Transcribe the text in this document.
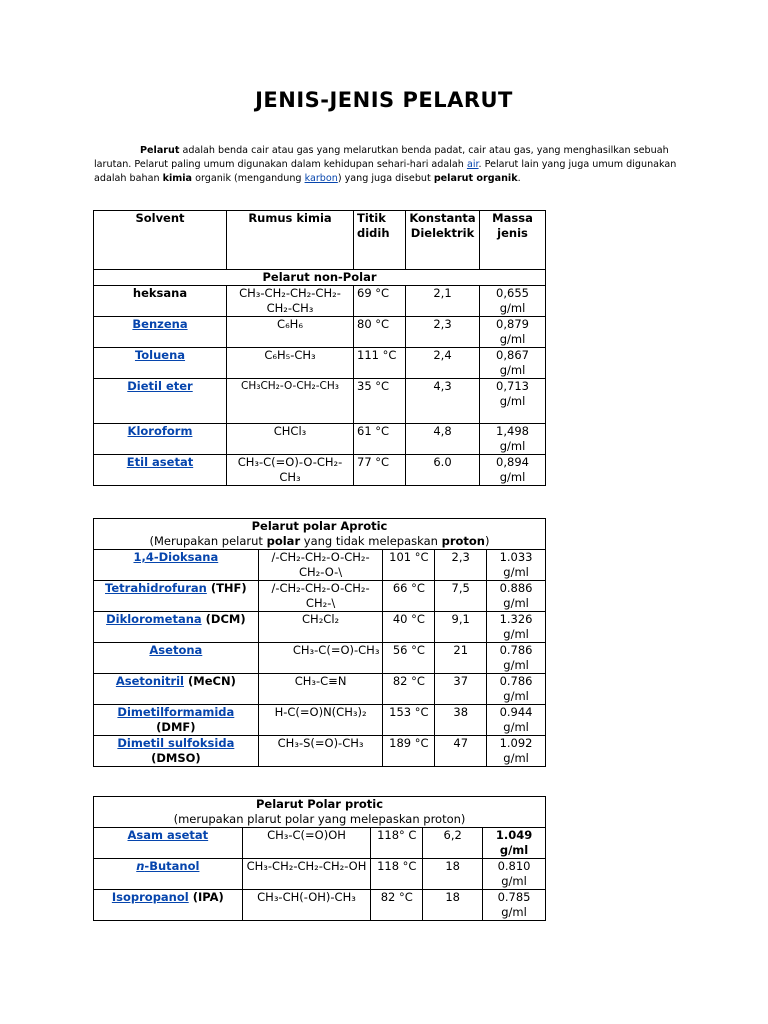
JENIS-JENIS PELARUT

Pelarut adalah benda cair atau gas yang melarutkan benda padat, cair atau gas, yang menghasilkan sebuah larutan. Pelarut paling umum digunakan dalam kehidupan sehari-hari adalah air. Pelarut lain yang juga umum digunakan adalah bahan kimia organik (mengandung karbon) yang juga disebut pelarut organik.

Solvent	Rumus kimia	Titik didih	Konstanta Dielektrik	Massa jenis
Pelarut non-Polar				
heksana	CH₃-CH₂-CH₂-CH₂-CH₂-CH₃	69 °C	2,1	0,655 g/ml
Benzena	C₆H₆	80 °C	2,3	0,879 g/ml
Toluena	C₆H₅-CH₃	111 °C	2,4	0,867 g/ml
Dietil eter	CH₃CH₂-O-CH₂-CH₃	35 °C	4,3	0,713 g/ml
Kloroform	CHCl₃	61 °C	4,8	1,498 g/ml
Etil asetat	CH₃-C(=O)-O-CH₂-CH₃	77 °C	6.0	0,894 g/ml
Pelarut polar Aprotic
(Merupakan pelarut polar yang tidak melepaskan proton)				

1,4-Dioksana	/-CH₂-CH₂-O-CH₂-CH₂-O-\	101 °C	2,3	1.033 g/ml
Tetrahidrofuran (THF)	/-CH₂-CH₂-O-CH₂-CH₂-\	66 °C	7,5	0.886 g/ml
Diklorometana (DCM)	CH₂Cl₂	40 °C	9,1	1.326 g/ml
Asetona	CH₃-C(=O)-CH₃	56 °C	21	0.786 g/ml
Asetonitril (MeCN)	CH₃-C≡N	82 °C	37	0.786 g/ml
Dimetilformamida (DMF)	H-C(=O)N(CH₃)₂	153 °C	38	0.944 g/ml
Dimetil sulfoksida (DMSO)	CH₃-S(=O)-CH₃	189 °C	47	1.092 g/ml
Pelarut Polar protic
(merupakan plarut polar yang melepaskan proton)				

Asam asetat	CH₃-C(=O)OH	118° C	6,2	1.049 g/ml
n-Butanol	CH₃-CH₂-CH₂-CH₂-OH	118 °C	18	0.810 g/ml
Isopropanol (IPA)	CH₃-CH(-OH)-CH₃	82 °C	18	0.785 g/ml
